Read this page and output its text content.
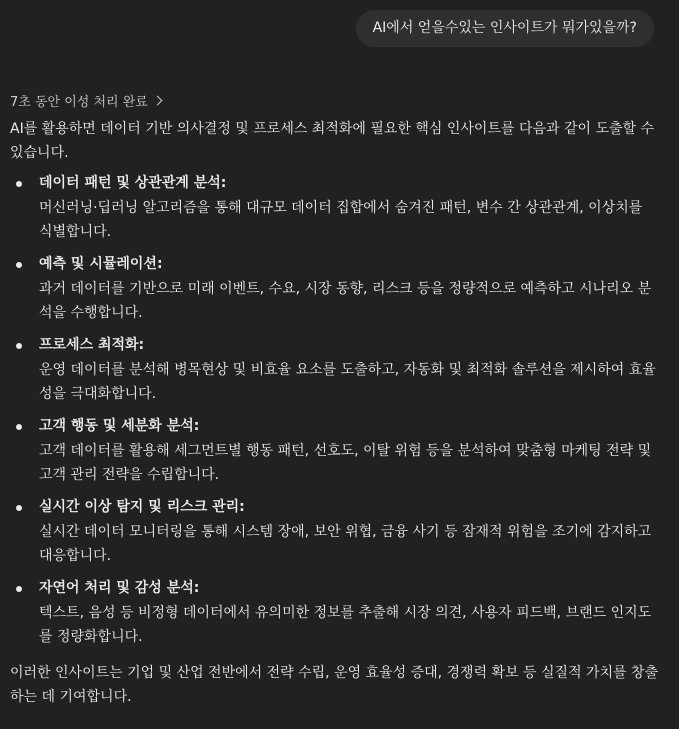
AI에서 얻을수있는 인사이트가 뭐가있을까?
7초 동안 이성 처리 완료

AI를 활용하면 데이터 기반 의사결정 및 프로세스 최적화에 필요한 핵심 인사이트를 다음과 같이 도출할 수 있습니다.

데이터 패턴 및 상관관계 분석:
머신러닝·딥러닝 알고리즘을 통해 대규모 데이터 집합에서 숨겨진 패턴, 변수 간 상관관계, 이상치를 식별합니다.
예측 및 시뮬레이션:
과거 데이터를 기반으로 미래 이벤트, 수요, 시장 동향, 리스크 등을 정량적으로 예측하고 시나리오 분석을 수행합니다.
프로세스 최적화:
운영 데이터를 분석해 병목현상 및 비효율 요소를 도출하고, 자동화 및 최적화 솔루션을 제시하여 효율성을 극대화합니다.
고객 행동 및 세분화 분석:
고객 데이터를 활용해 세그먼트별 행동 패턴, 선호도, 이탈 위험 등을 분석하여 맞춤형 마케팅 전략 및 고객 관리 전략을 수립합니다.
실시간 이상 탐지 및 리스크 관리:
실시간 데이터 모니터링을 통해 시스템 장애, 보안 위협, 금융 사기 등 잠재적 위험을 조기에 감지하고 대응합니다.
자연어 처리 및 감성 분석:
텍스트, 음성 등 비정형 데이터에서 유의미한 정보를 추출해 시장 의견, 사용자 피드백, 브랜드 인지도를 정량화합니다.

이러한 인사이트는 기업 및 산업 전반에서 전략 수립, 운영 효율성 증대, 경쟁력 확보 등 실질적 가치를 창출하는 데 기여합니다.
